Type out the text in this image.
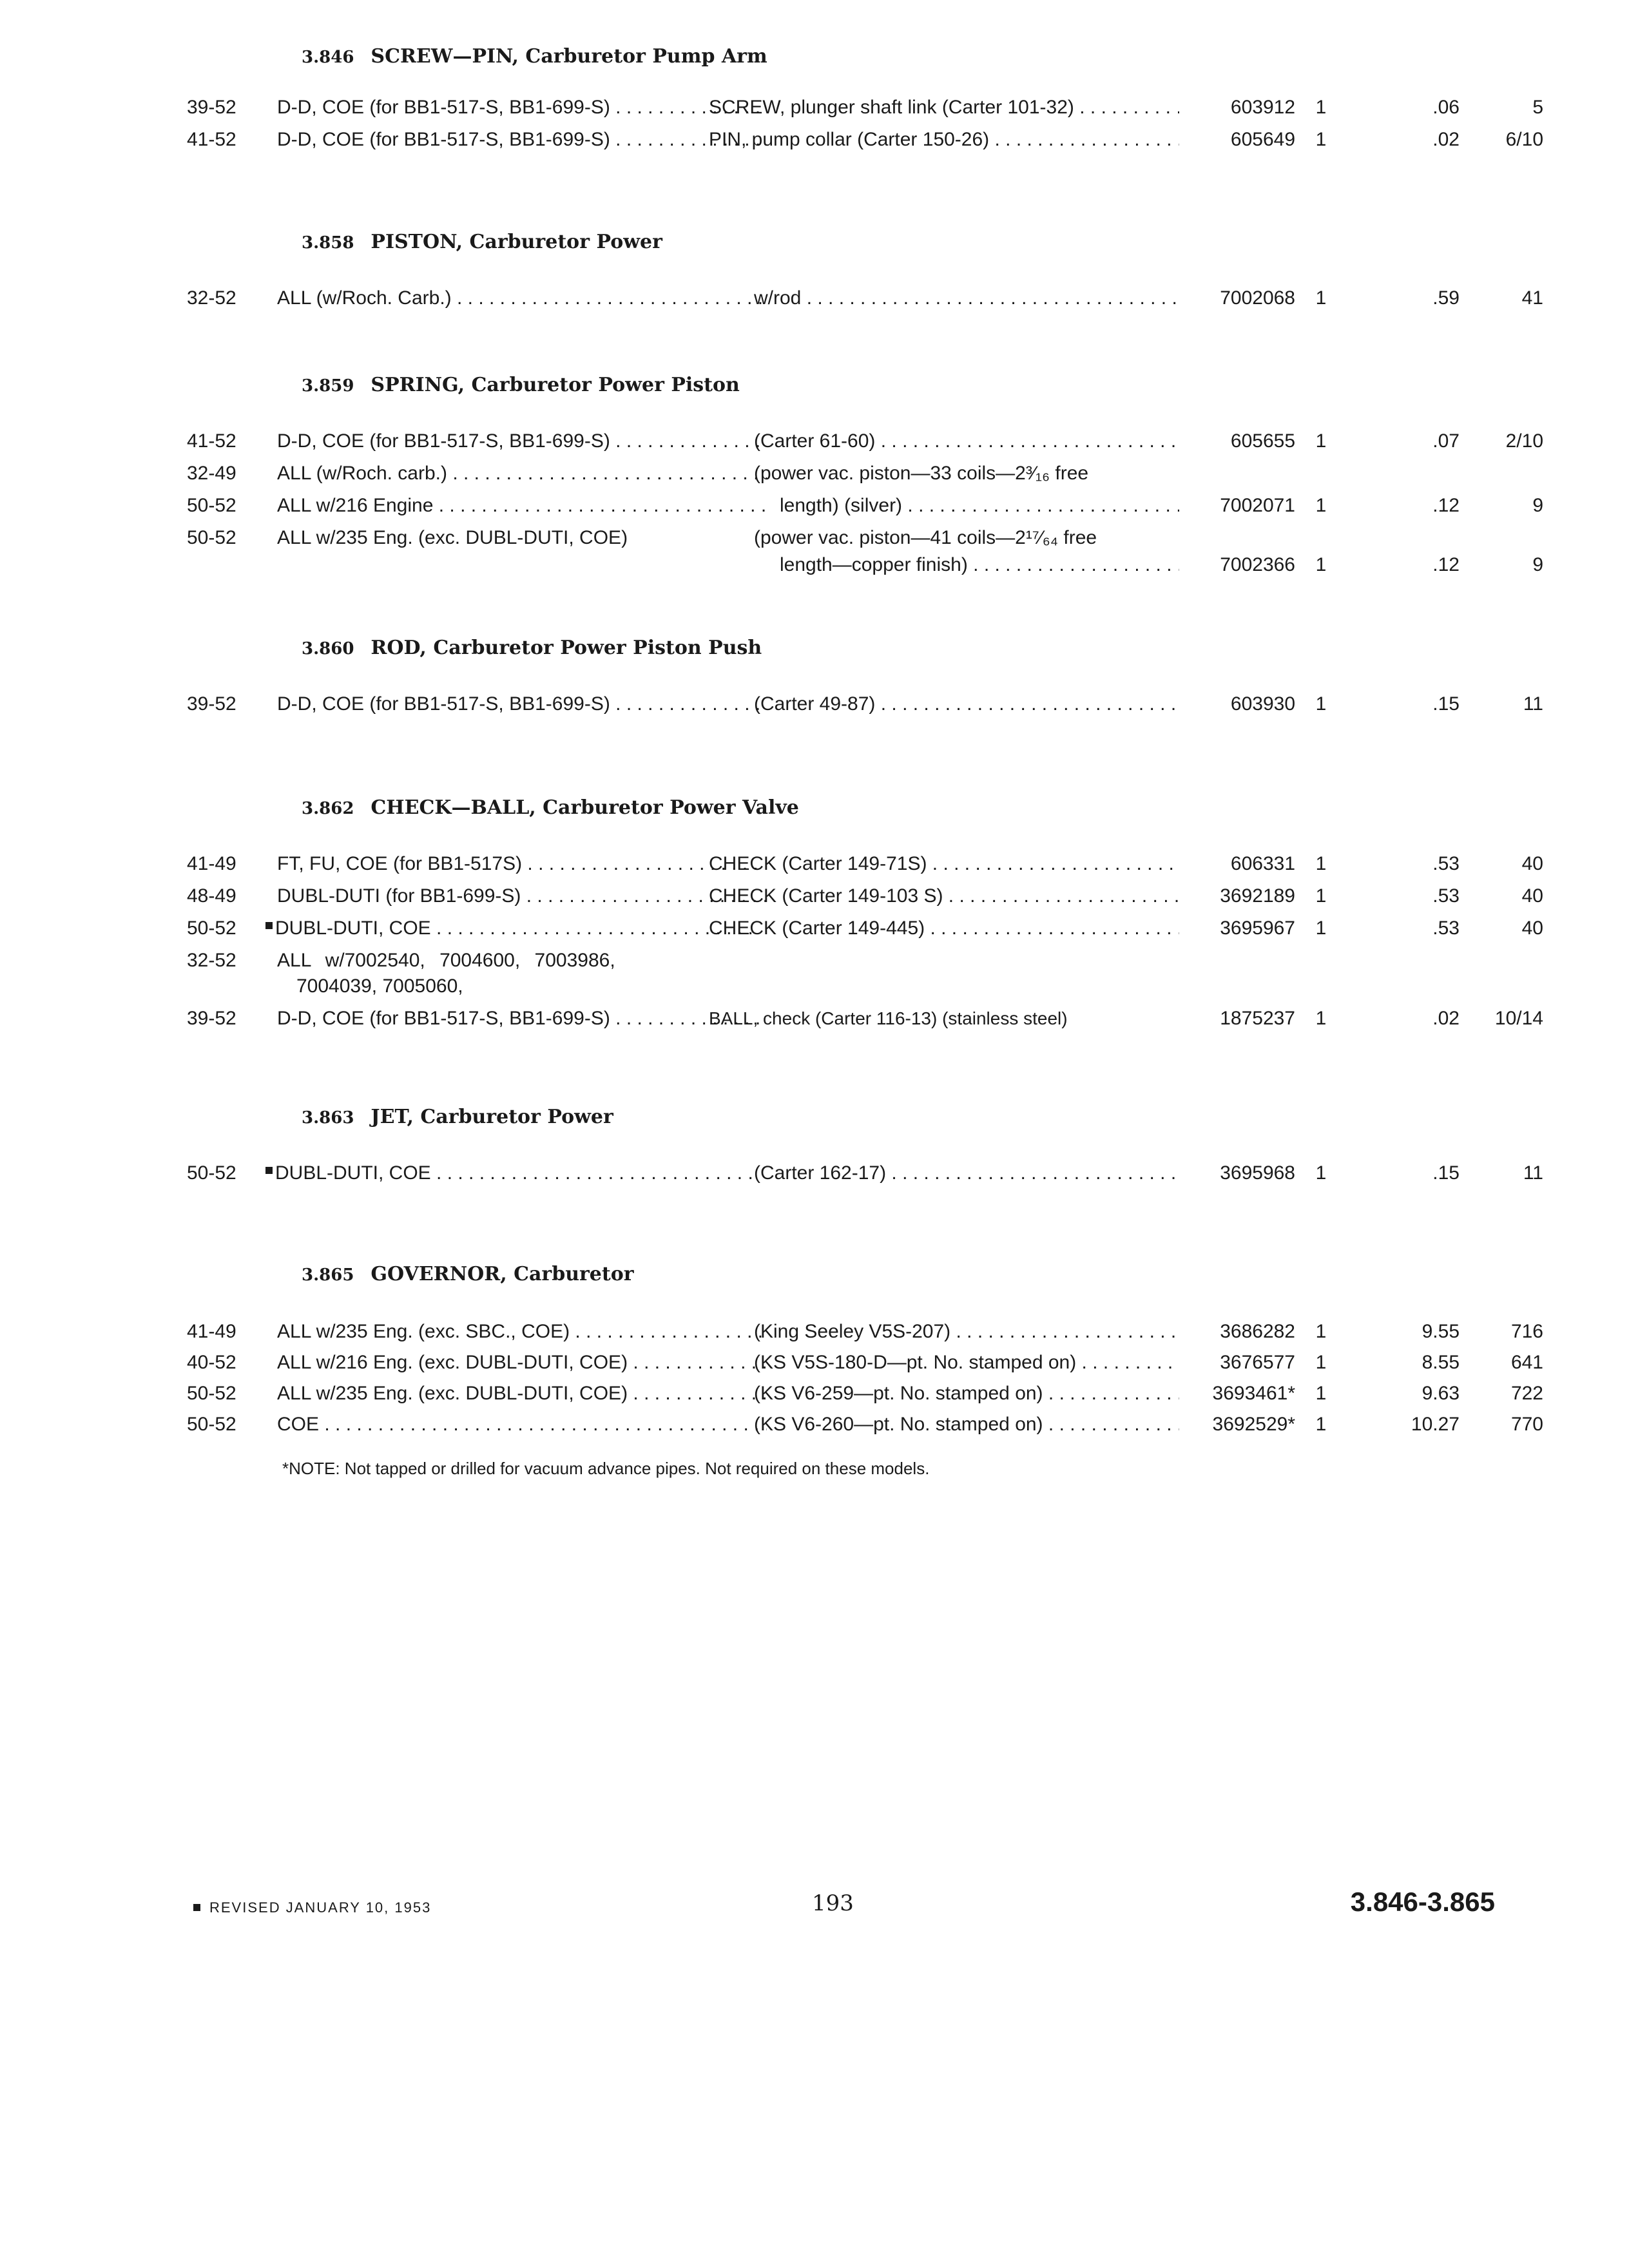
3.846 SCREW—PIN, Carburetor Pump Arm
39-52	D-D, COE (for BB1-517-S, BB1-699-S) . . .	SCREW, plunger shaft link (Carter 101-32) . . .	603912	1	.06	5
41-52	D-D, COE (for BB1-517-S, BB1-699-S) . . .	PIN, pump collar (Carter 150-26) . . .	605649	1	.02	6/10
3.858 PISTON, Carburetor Power
32-52	ALL (w/Roch. Carb.) . . .	w/rod . . .	7002068	1	.59	41
3.859 SPRING, Carburetor Power Piston
41-52	D-D, COE (for BB1-517-S, BB1-699-S) . . .	(Carter 61-60) . . .	605655	1	.07	2/10
32-49	ALL (w/Roch. carb.) . . .	(power vac. piston—33 coils—2³⁄₁₆ free
50-52	ALL w/216 Engine . . .	length) (silver) . . .	7002071	1	.12	9
50-52	ALL w/235 Eng. (exc. DUBL-DUTI, COE)	(power vac. piston—41 coils—2¹⁷⁄₆₄ free
length—copper finish) . . .	7002366	1	.12	9
3.860 ROD, Carburetor Power Piston Push
39-52	D-D, COE (for BB1-517-S, BB1-699-S) . . .	(Carter 49-87) . . .	603930	1	.15	11
3.862 CHECK—BALL, Carburetor Power Valve
41-49	FT, FU, COE (for BB1-517S) . . .	CHECK (Carter 149-71S) . . .	606331	1	.53	40
48-49	DUBL-DUTI (for BB1-699-S) . . .	CHECK (Carter 149-103 S) . . .	3692189	1	.53	40
50-52	DUBL-DUTI, COE . . .	CHECK (Carter 149-445) . . .	3695967	1	.53	40
32-52	ALL w/7002540, 7004600, 7003986,
7004039, 7005060,
39-52	D-D, COE (for BB1-517-S, BB1-699-S) . . .	BALL, check (Carter 116-13) (stainless steel)	1875237	1	.02	10/14
3.863 JET, Carburetor Power
50-52	DUBL-DUTI, COE . . .	(Carter 162-17) . . .	3695968	1	.15	11
3.865 GOVERNOR, Carburetor
41-49	ALL w/235 Eng. (exc. SBC., COE) . . .	(King Seeley V5S-207) . . .	3686282	1	9.55	716
40-52	ALL w/216 Eng. (exc. DUBL-DUTI, COE) . . .	(KS V5S-180-D—pt. No. stamped on) . . .	3676577	1	8.55	641
50-52	ALL w/235 Eng. (exc. DUBL-DUTI, COE) . . .	(KS V6-259—pt. No. stamped on) . . .	3693461*	1	9.63	722
50-52	COE . . .	(KS V6-260—pt. No. stamped on) . . .	3692529*	1	10.27	770
*NOTE: Not tapped or drilled for vacuum advance pipes. Not required on these models.
REVISED JANUARY 10, 1953	193	3.846-3.865
